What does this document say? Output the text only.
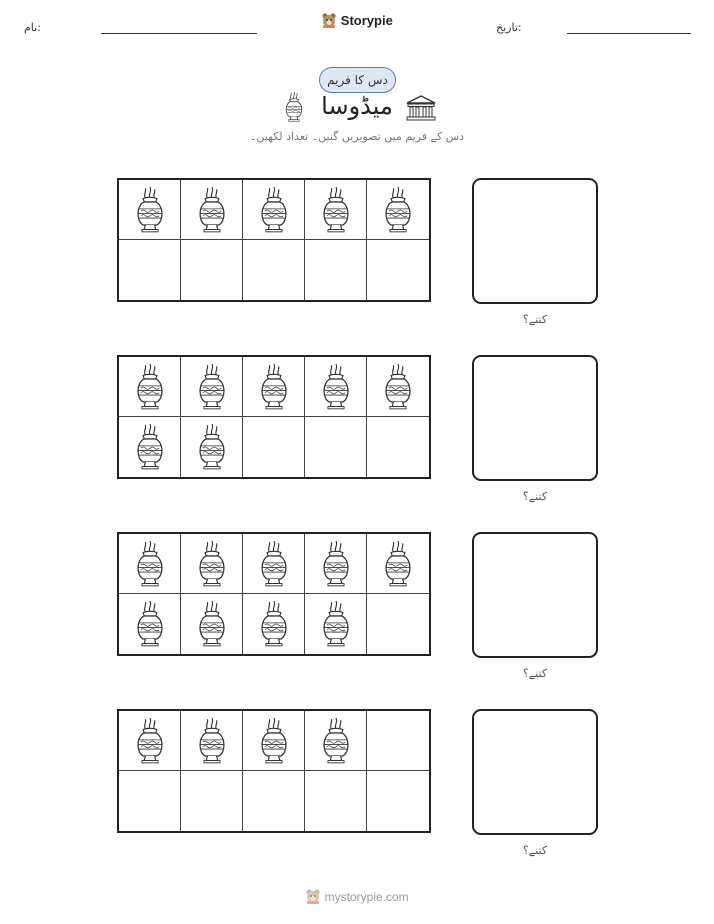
نام:	تاریخ:
Storypie
دس کا فریم
میڈوسا
دس کے فریم میں تصویریں گنیں۔ تعداد لکھیں۔
کتنے؟
کتنے؟
کتنے؟
کتنے؟
mystorypie.com
